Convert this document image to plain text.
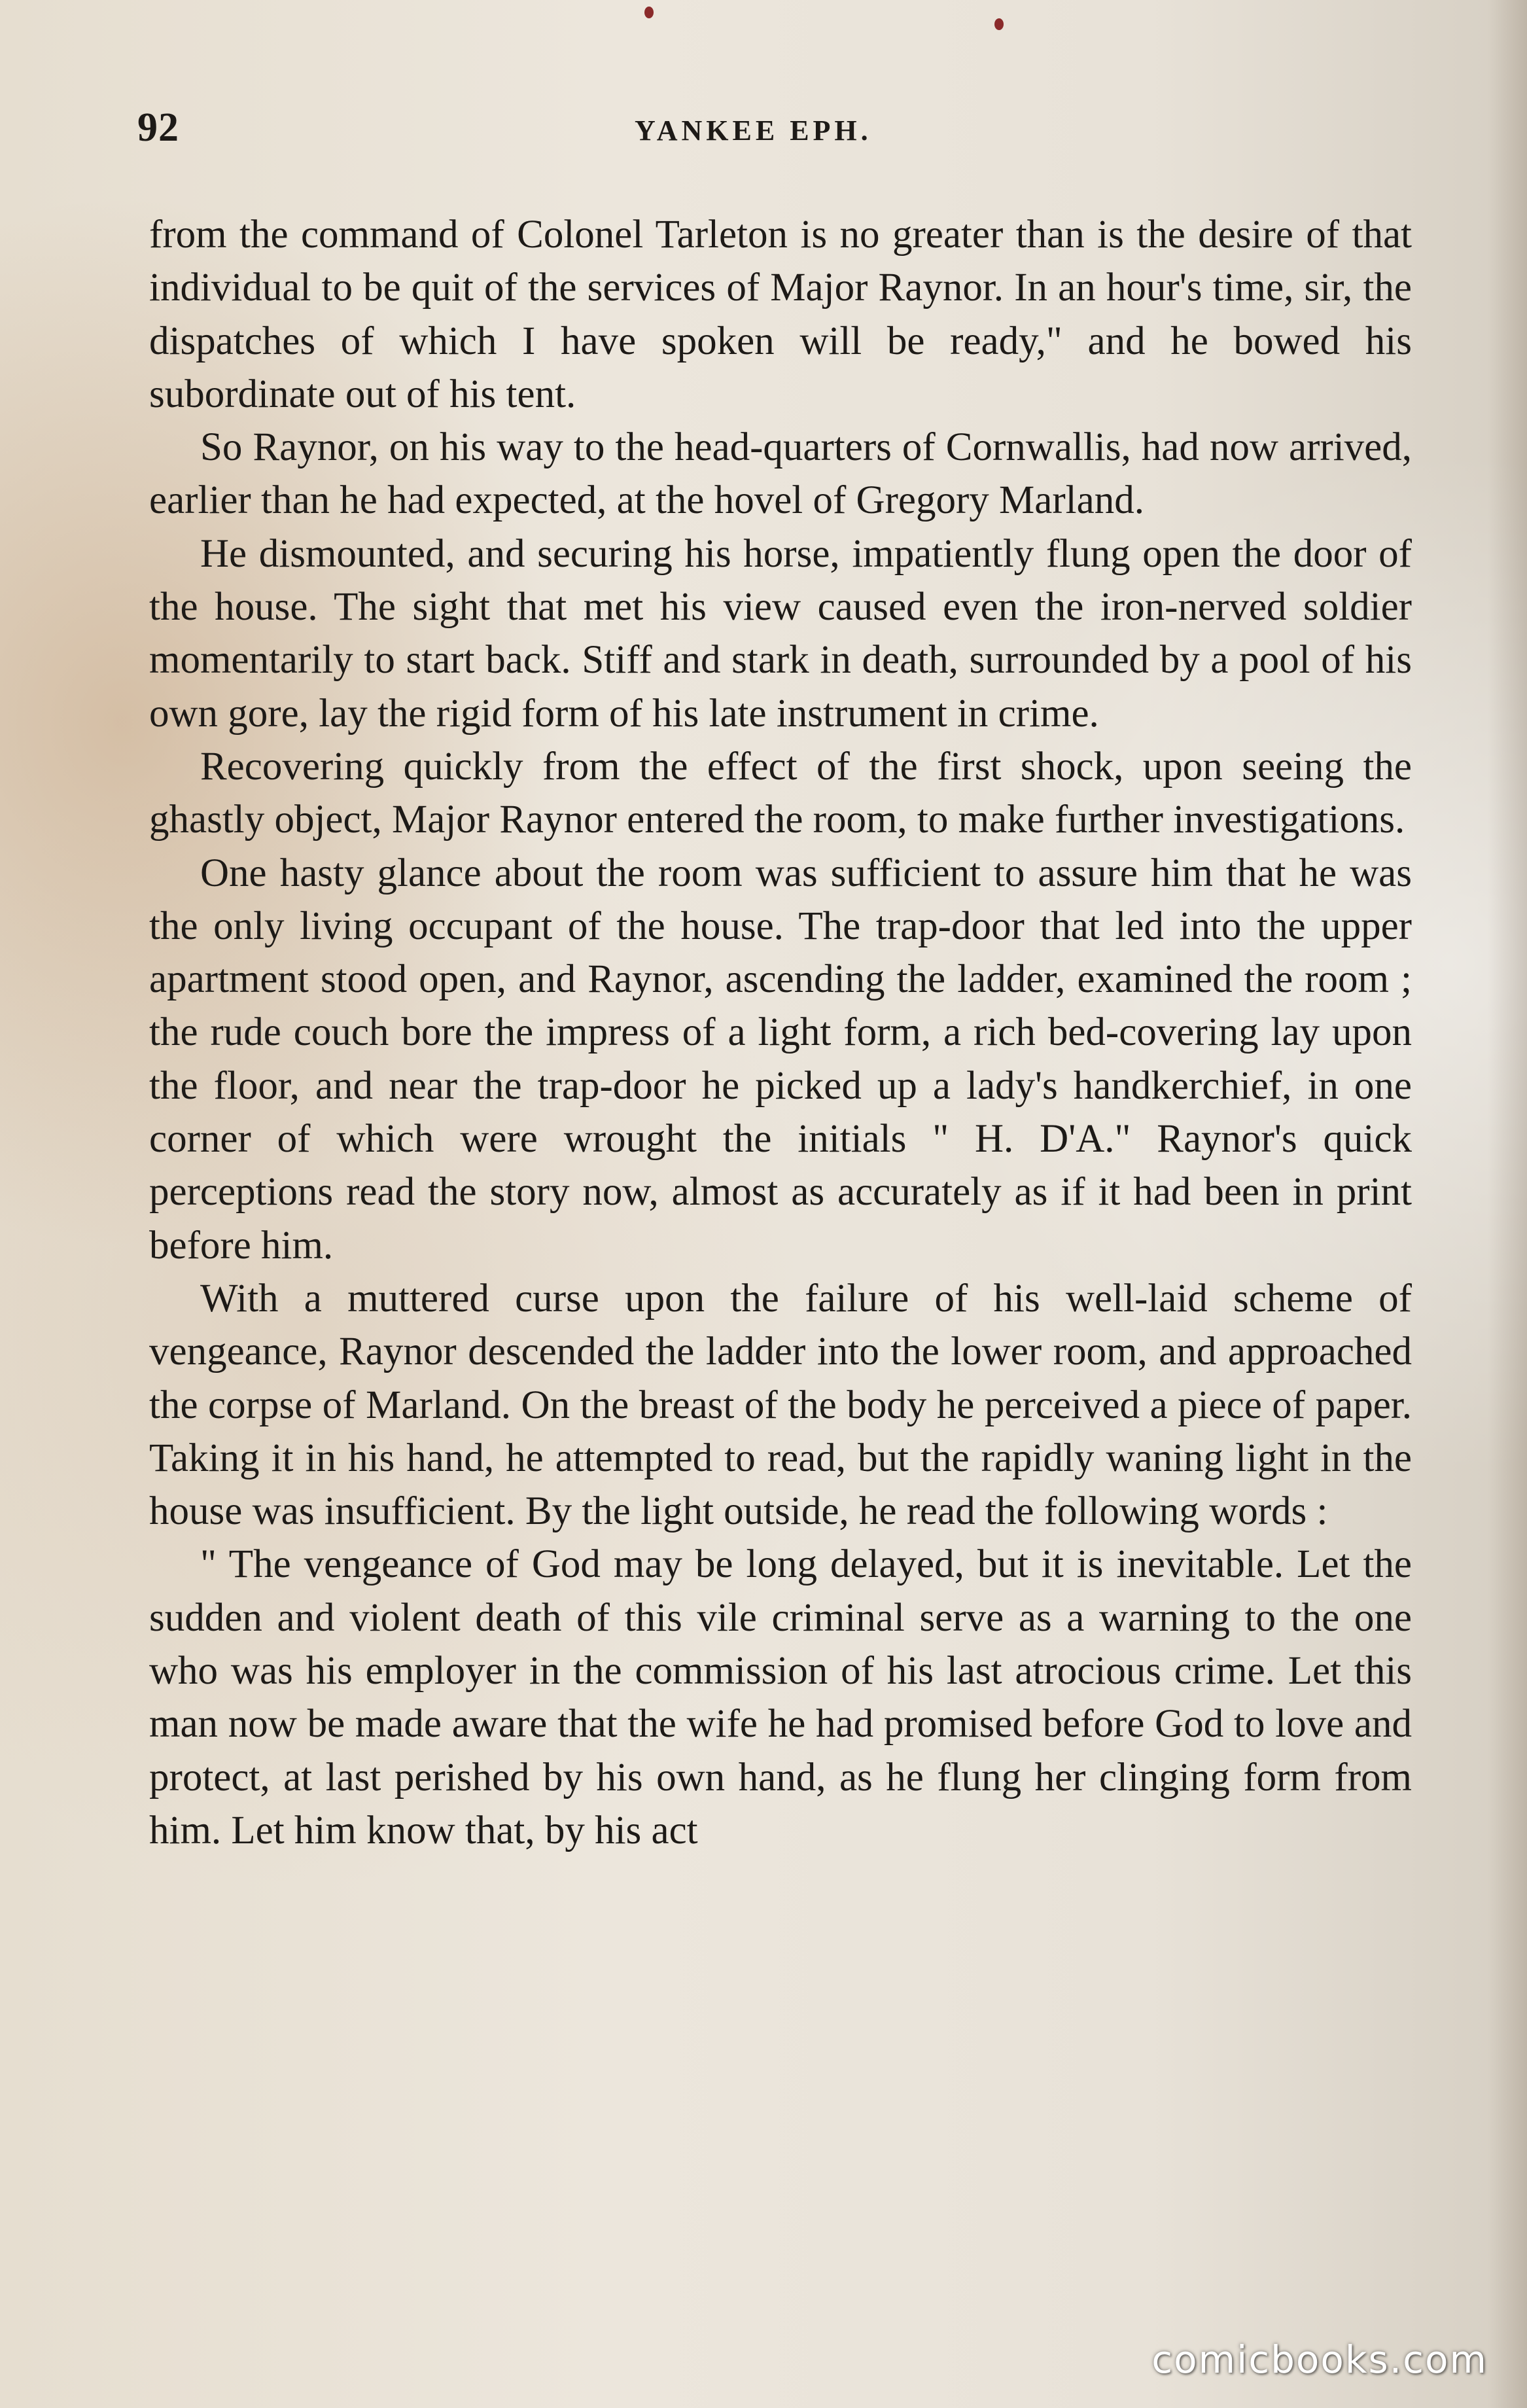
92	YANKEE EPH.

from the command of Colonel Tarleton is no greater than is the desire of that individual to be quit of the services of Major Raynor. In an hour's time, sir, the dispatches of which I have spoken will be ready," and he bowed his subordinate out of his tent.

So Raynor, on his way to the head-quarters of Cornwallis, had now arrived, earlier than he had expected, at the hovel of Gregory Marland.

He dismounted, and securing his horse, impatiently flung open the door of the house. The sight that met his view caused even the iron-nerved soldier momentarily to start back. Stiff and stark in death, surrounded by a pool of his own gore, lay the rigid form of his late instrument in crime.

Recovering quickly from the effect of the first shock, upon seeing the ghastly object, Major Raynor entered the room, to make further investigations.

One hasty glance about the room was sufficient to assure him that he was the only living occupant of the house. The trap-door that led into the upper apartment stood open, and Raynor, ascending the ladder, examined the room ; the rude couch bore the impress of a light form, a rich bed-covering lay upon the floor, and near the trap-door he picked up a lady's handkerchief, in one corner of which were wrought the initials " H. D'A." Raynor's quick perceptions read the story now, almost as accurately as if it had been in print before him.

With a muttered curse upon the failure of his well-laid scheme of vengeance, Raynor descended the ladder into the lower room, and approached the corpse of Marland. On the breast of the body he perceived a piece of paper. Taking it in his hand, he attempted to read, but the rapidly waning light in the house was insufficient. By the light outside, he read the following words :

" The vengeance of God may be long delayed, but it is inevitable. Let the sudden and violent death of this vile criminal serve as a warning to the one who was his employer in the commission of his last atrocious crime. Let this man now be made aware that the wife he had promised before God to love and protect, at last perished by his own hand, as he flung her clinging form from him. Let him know that, by his act

comicbooks.com
